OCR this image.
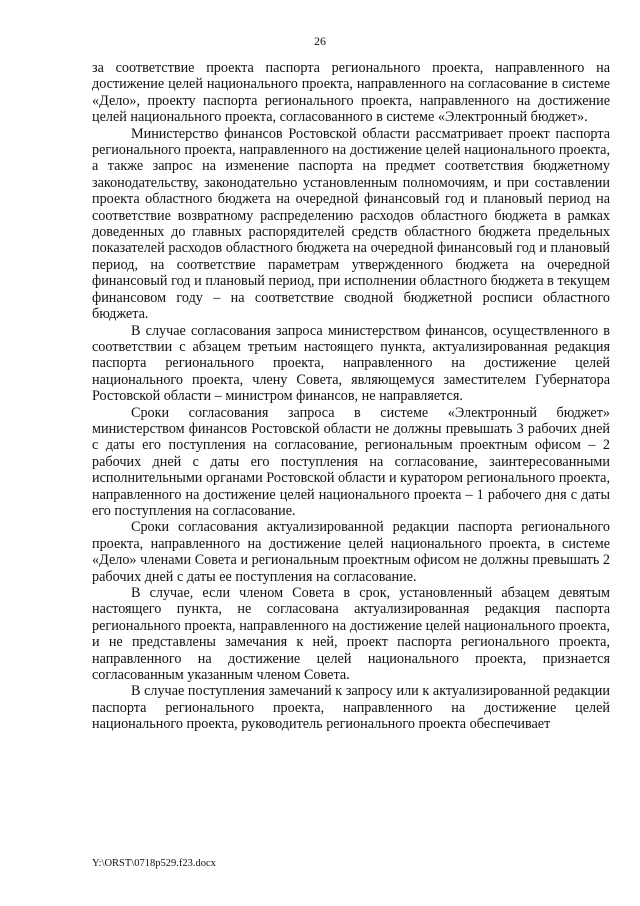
26

за соответствие проекта паспорта регионального проекта, направленного на достижение целей национального проекта, направленного на согласование в системе «Дело», проекту паспорта регионального проекта, направленного на достижение целей национального проекта, согласованного в системе «Электронный бюджет».

Министерство финансов Ростовской области рассматривает проект паспорта регионального проекта, направленного на достижение целей национального проекта, а также запрос на изменение паспорта на предмет соответствия бюджетному законодательству, законодательно установленным полномочиям, и при составлении проекта областного бюджета на очередной финансовый год и плановый период на соответствие возвратному распределению расходов областного бюджета в рамках доведенных до главных распорядителей средств областного бюджета предельных показателей расходов областного бюджета на очередной финансовый год и плановый период, на соответствие параметрам утвержденного бюджета на очередной финансовый год и плановый период, при исполнении областного бюджета в текущем финансовом году – на соответствие сводной бюджетной росписи областного бюджета.

В случае согласования запроса министерством финансов, осуществленного в соответствии с абзацем третьим настоящего пункта, актуализированная редакция паспорта регионального проекта, направленного на достижение целей национального проекта, члену Совета, являющемуся заместителем Губернатора Ростовской области – министром финансов, не направляется.

Сроки согласования запроса в системе «Электронный бюджет» министерством финансов Ростовской области не должны превышать 3 рабочих дней с даты его поступления на согласование, региональным проектным офисом – 2 рабочих дней с даты его поступления на согласование, заинтересованными исполнительными органами Ростовской области и куратором регионального проекта, направленного на достижение целей национального проекта – 1 рабочего дня с даты его поступления на согласование.

Сроки согласования актуализированной редакции паспорта регионального проекта, направленного на достижение целей национального проекта, в системе «Дело» членами Совета и региональным проектным офисом не должны превышать 2 рабочих дней с даты ее поступления на согласование.

В случае, если членом Совета в срок, установленный абзацем девятым настоящего пункта, не согласована актуализированная редакция паспорта регионального проекта, направленного на достижение целей национального проекта, и не представлены замечания к ней, проект паспорта регионального проекта, направленного на достижение целей национального проекта, признается согласованным указанным членом Совета.

В случае поступления замечаний к запросу или к актуализированной редакции паспорта регионального проекта, направленного на достижение целей национального проекта, руководитель регионального проекта обеспечивает

Y:\ORST\0718p529.f23.docx
